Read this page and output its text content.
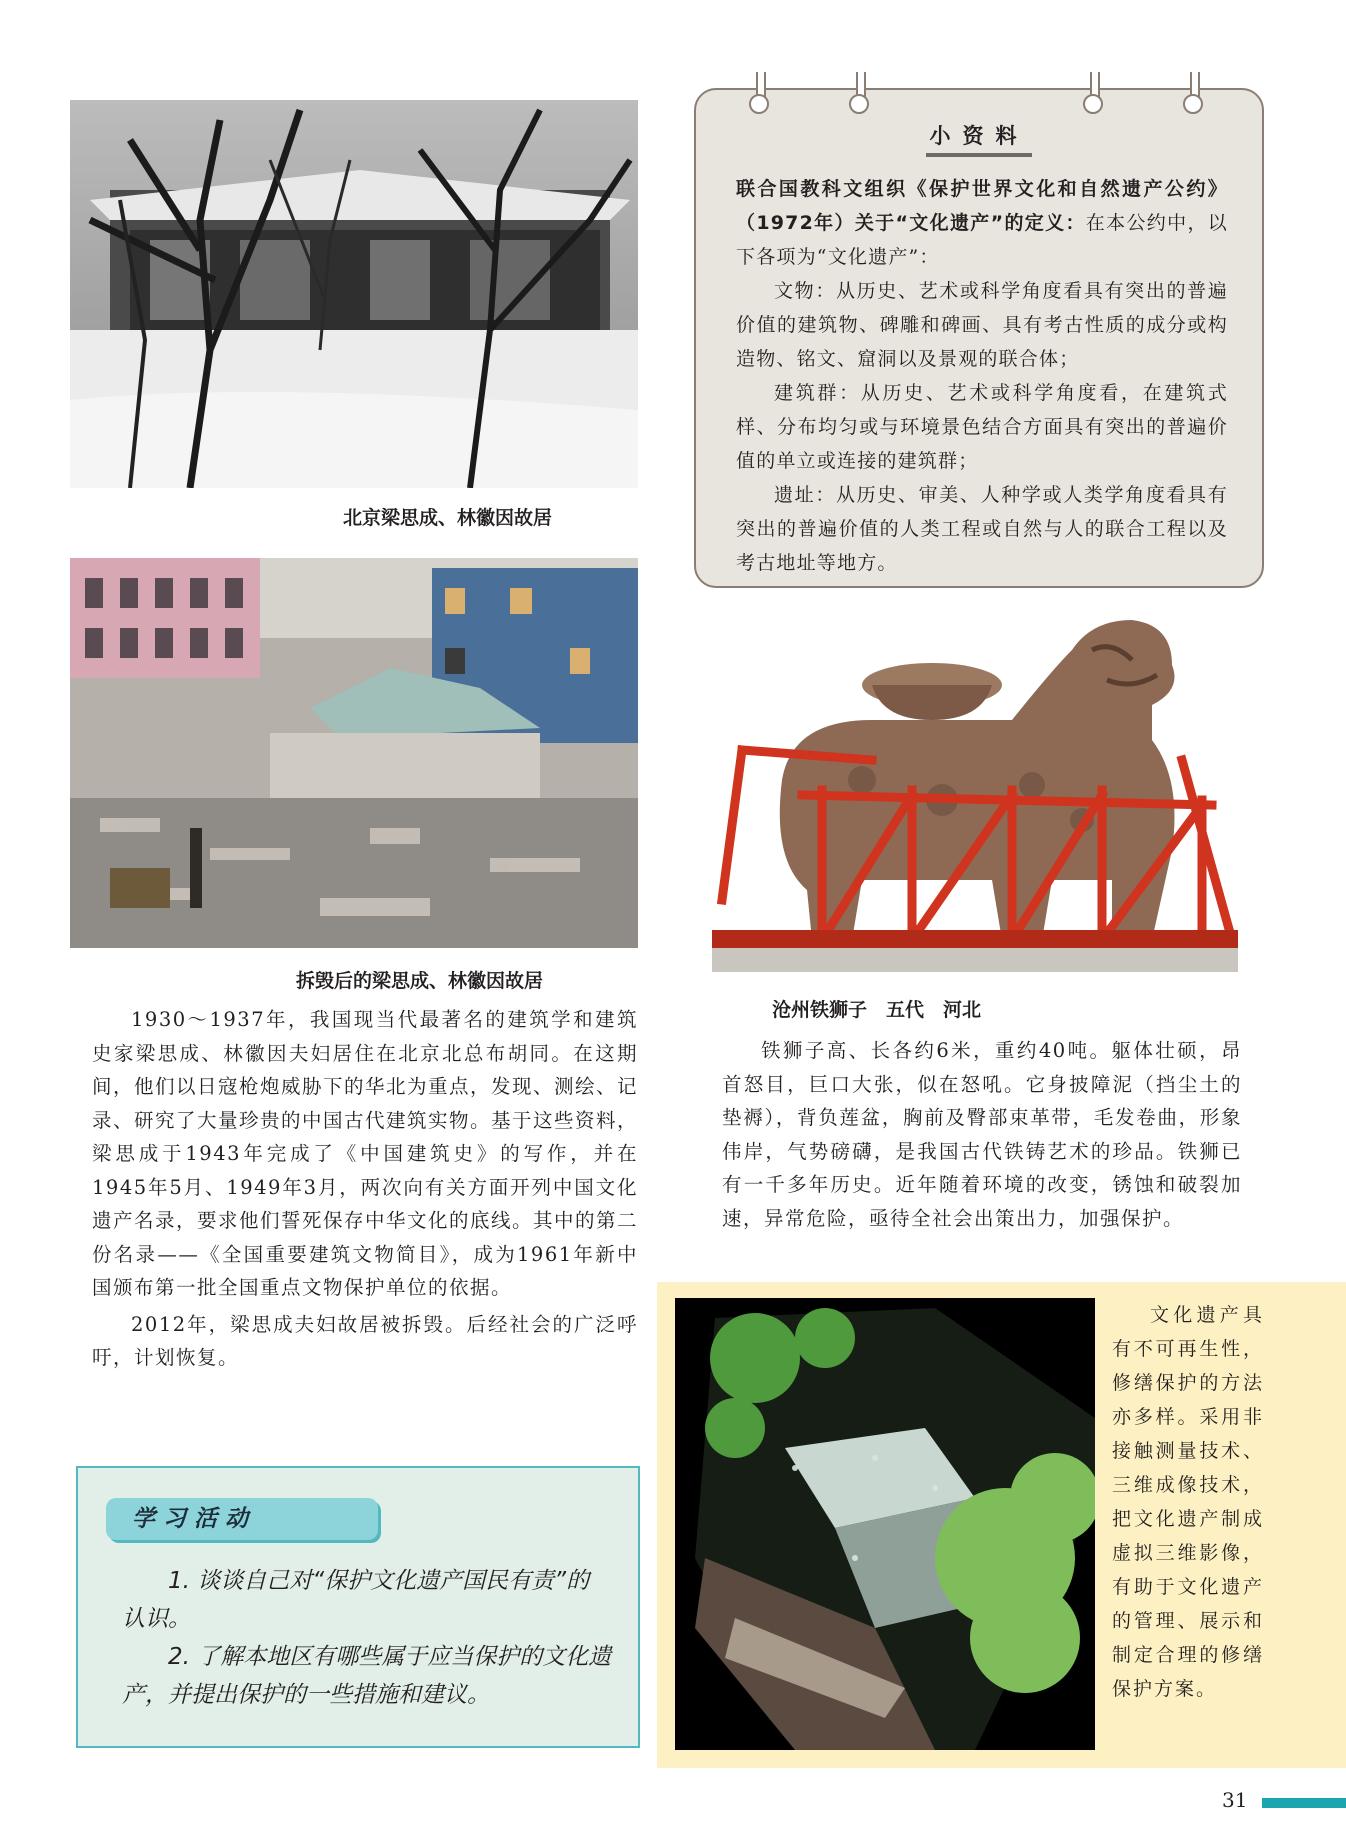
北京梁思成、林徽因故居
拆毁后的梁思成、林徽因故居

1930～1937年，我国现当代最著名的建筑学和建筑史家梁思成、林徽因夫妇居住在北京北总布胡同。在这期间，他们以日寇枪炮威胁下的华北为重点，发现、测绘、记录、研究了大量珍贵的中国古代建筑实物。基于这些资料，梁思成于1943年完成了《中国建筑史》的写作，并在1945年5月、1949年3月，两次向有关方面开列中国文化遗产名录，要求他们誓死保存中华文化的底线。其中的第二份名录——《全国重要建筑文物简目》，成为1961年新中国颁布第一批全国重点文物保护单位的依据。

2012年，梁思成夫妇故居被拆毁。后经社会的广泛呼吁，计划恢复。

小资料

联合国教科文组织《保护世界文化和自然遗产公约》（1972年）关于“文化遗产”的定义：在本公约中，以下各项为“文化遗产”：

文物：从历史、艺术或科学角度看具有突出的普遍价值的建筑物、碑雕和碑画、具有考古性质的成分或构造物、铭文、窟洞以及景观的联合体；

建筑群：从历史、艺术或科学角度看，在建筑式样、分布均匀或与环境景色结合方面具有突出的普遍价值的单立或连接的建筑群；

遗址：从历史、审美、人种学或人类学角度看具有突出的普遍价值的人类工程或自然与人的联合工程以及考古地址等地方。

沧州铁狮子　五代　河北

铁狮子高、长各约6米，重约40吨。躯体壮硕，昂首怒目，巨口大张，似在怒吼。它身披障泥（挡尘土的垫褥），背负莲盆，胸前及臀部束革带，毛发卷曲，形象伟岸，气势磅礴，是我国古代铁铸艺术的珍品。铁狮已有一千多年历史。近年随着环境的改变，锈蚀和破裂加速，异常危险，亟待全社会出策出力，加强保护。

文化遗产具有不可再生性，修缮保护的方法亦多样。采用非接触测量技术、三维成像技术，把文化遗产制成虚拟三维影像，有助于文化遗产的管理、展示和制定合理的修缮保护方案。

学习活动

1. 谈谈自己对“保护文化遗产国民有责”的认识。

2. 了解本地区有哪些属于应当保护的文化遗产，并提出保护的一些措施和建议。

31
